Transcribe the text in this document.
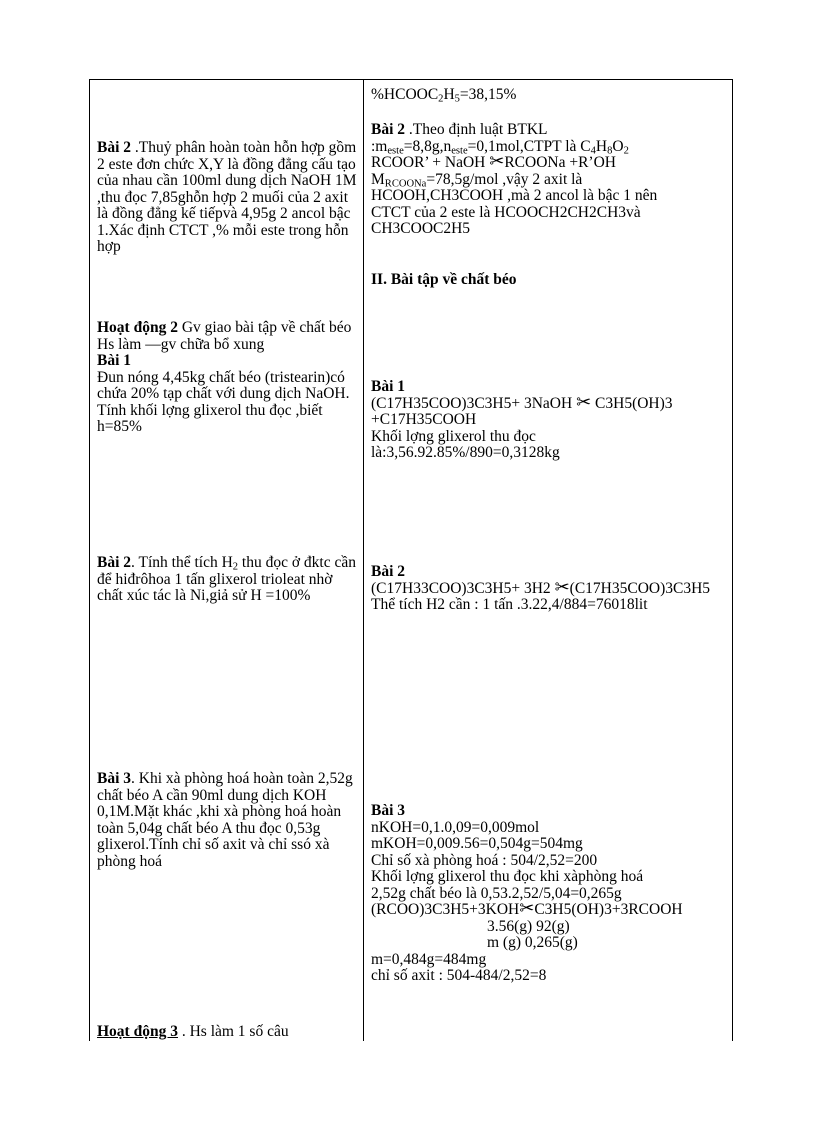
Bài 2 .Thuỷ phân hoàn toàn hỗn hợp gồm 2 este đơn chức X,Y là đồng đẳng cấu tạo của nhau cần 100ml dung dịch NaOH 1M ,thu đọc 7,85ghỗn hợp 2 muối của 2 axit là đồng đẳng kế tiếpvà 4,95g 2 ancol bậc 1.Xác định CTCT ,% mỗi este trong hỗn hợp
Hoạt động 2 Gv giao bài tập về chất béo
Hs làm —gv chữa bổ xung
Bài 1
Đun nóng 4,45kg chất béo (tristearin)có chứa 20% tạp chất với dung dịch NaOH.
Tính khối lợng glixerol thu đọc ,biết h=85%
Bài 2. Tính thể tích $H_2$ thu đọc ở đktc cần để hiđrôhoa 1 tấn glixerol trioleat nhờ chất xúc tác là Ni,giả sử H =100%
Bài 3. Khi xà phòng hoá hoàn toàn 2,52g chất béo A cần 90ml dung dịch KOH 0,1M.Mặt khác ,khi xà phòng hoá hoàn toàn 5,04g chất béo A thu đọc 0,53g glixerol.Tính chỉ số axit và chỉ ssó xà phòng hoá
Hoạt động 3 . Hs làm 1 số câu
$\%HCOOC_2H_5=38,15\%$
Bài 2 .Theo định luật BTKL
$:m_{este}=8,8g,n_{este}=0,1mol,CTPT$ là $C_4H_8O_2$
RCOOR’ + NaOH ✂RCOONa +R’OH
$M_{RCOONa}=78,5g$/mol ,vậy 2 axit là
HCOOH,CH3COOH ,mà 2 ancol là bậc 1 nên
CTCT của 2 este là HCOOCH2CH2CH3và
CH3COOC2H5
II. Bài tập về chất béo
Bài 1
(C17H35COO)3C3H5+ 3NaOH ✂ C3H5(OH)3
+C17H35COOH
Khối lợng glixerol thu đọc
là:3,56.92.85%/890=0,3128kg
Bài 2
(C17H33COO)3C3H5+ 3H2 ✂(C17H35COO)3C3H5
Thể tích H2 cần : 1 tấn .3.22,4/884=76018lit
Bài 3
nKOH=0,1.0,09=0,009mol
mKOH=0,009.56=0,504g=504mg
Chỉ số xà phòng hoá : 504/2,52=200
Khối lợng glixerol thu đọc khi xàphòng hoá
2,52g chất béo là 0,53.2,52/5,04=0,265g
(RCOO)3C3H5+3KOH✂C3H5(OH)3+3RCOOH
3.56(g) 92(g)
m (g) 0,265(g)
m=0,484g=484mg
chỉ số axit : 504-484/2,52=8
